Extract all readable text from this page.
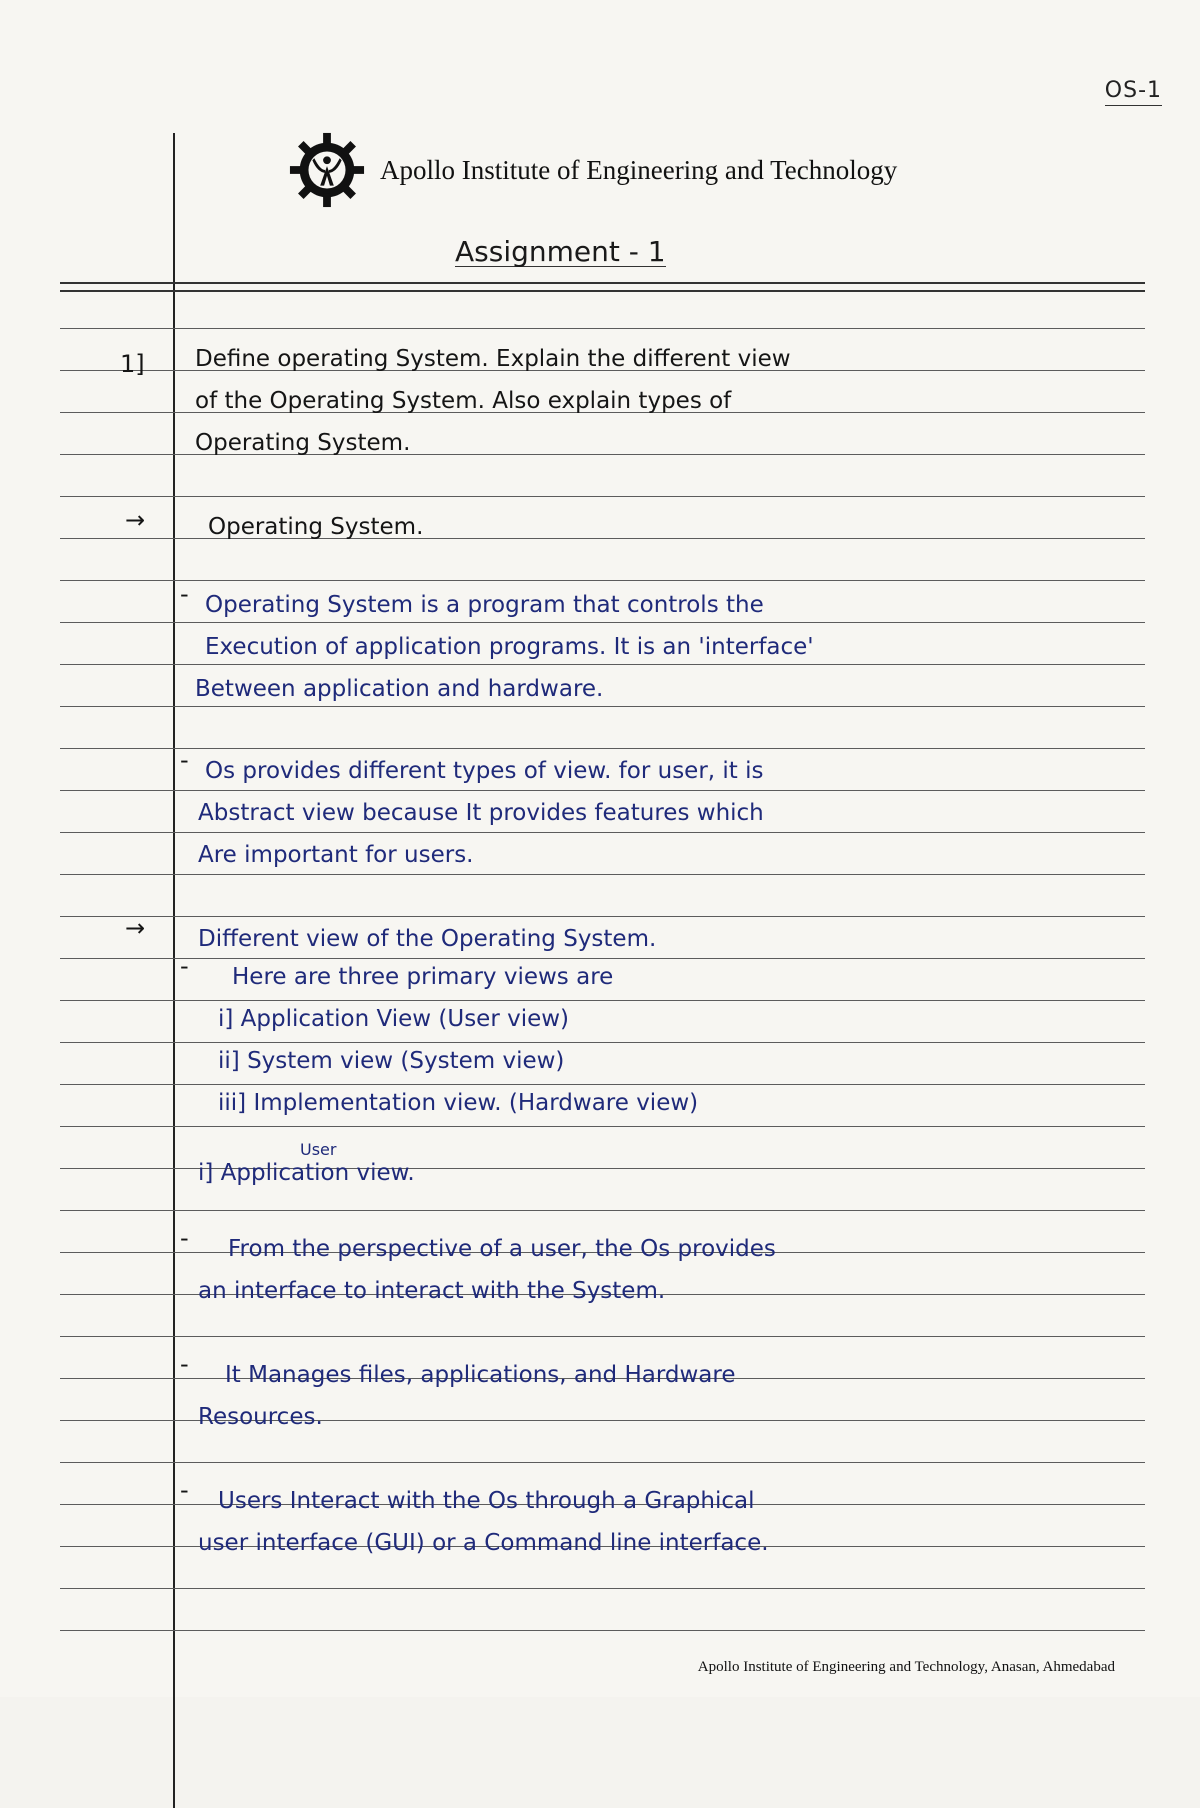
OS-1
Apollo Institute of Engineering and Technology
Assignment - 1
1] Define operating System. Explain the different view
of the Operating System. Also explain types of
Operating System.
→	Operating System.
- Operating System is a program that controls the
Execution of application programs. It is an 'interface'
Between application and hardware.
- Os provides different types of view. for user, it is
Abstract view because It provides features which
Are important for users.
→ Different view of the Operating System.
- Here are three primary views are
i] Application View (User view)
ii] System view (System view)
iii] Implementation view. (Hardware view)
User
i] Application view.
- From the perspective of a user, the Os provides
an interface to interact with the System.
- It Manages files, applications, and Hardware
Resources.
- Users Interact with the Os through a Graphical
user interface (GUI) or a Command line interface.
Apollo Institute of Engineering and Technology, Anasan, Ahmedabad
